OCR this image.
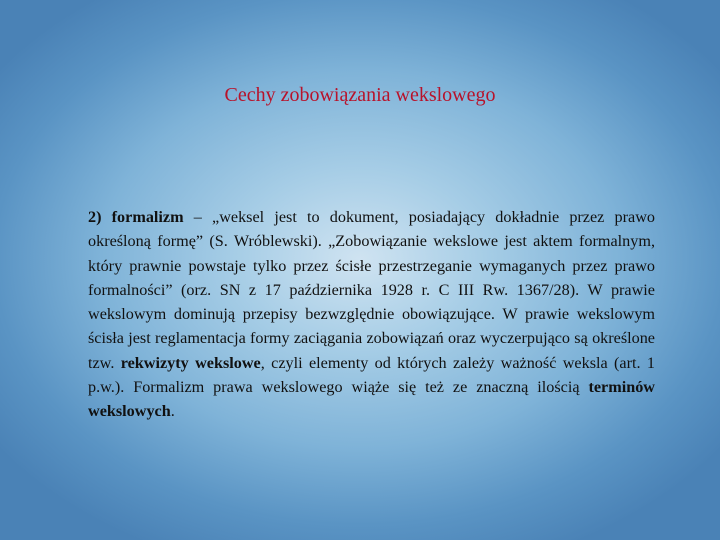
Cechy zobowiązania wekslowego

2) formalizm – „weksel jest to dokument, posiadający dokładnie przez prawo określoną formę” (S. Wróblewski). „Zobowiązanie wekslowe jest aktem formalnym, który prawnie powstaje tylko przez ścisłe przestrzeganie wymaganych przez prawo formalności” (orz. SN z 17 października 1928 r. C III Rw. 1367/28). W prawie wekslowym dominują przepisy bezwzględnie obowiązujące. W prawie wekslowym ścisła jest reglamentacja formy zaciągania zobowiązań oraz wyczerpująco są określone tzw. rekwizyty wekslowe, czyli elementy od których zależy ważność weksla (art. 1 p.w.). Formalizm prawa wekslowego wiąże się też ze znaczną ilością terminów wekslowych.
